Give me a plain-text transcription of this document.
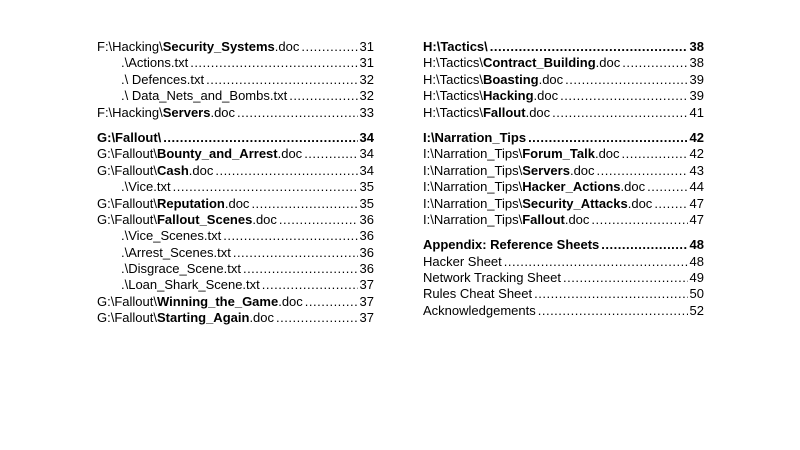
F:\Hacking\Security_Systems.doc .....	31
.\Actions.txt .....	31
.\ Defences.txt .....	32
.\ Data_Nets_and_Bombs.txt .....	32
F:\Hacking\Servers.doc .....	33
G:\Fallout\ .....	34
G:\Fallout\Bounty_and_Arrest.doc .....	34
G:\Fallout\Cash.doc .....	34
.\Vice.txt .....	35
G:\Fallout\Reputation.doc .....	35
G:\Fallout\Fallout_Scenes.doc .....	36
.\Vice_Scenes.txt .....	36
.\Arrest_Scenes.txt .....	36
.\Disgrace_Scene.txt .....	36
.\Loan_Shark_Scene.txt .....	37
G:\Fallout\Winning_the_Game.doc .....	37
G:\Fallout\Starting_Again.doc .....	37
H:\Tactics\ .....	38
H:\Tactics\Contract_Building.doc .....	38
H:\Tactics\Boasting.doc .....	39
H:\Tactics\Hacking.doc .....	39
H:\Tactics\Fallout.doc .....	41
I:\Narration_Tips .....	42
I:\Narration_Tips\Forum_Talk.doc .....	42
I:\Narration_Tips\Servers.doc .....	43
I:\Narration_Tips\Hacker_Actions.doc .....	44
I:\Narration_Tips\Security_Attacks.doc .....	47
I:\Narration_Tips\Fallout.doc .....	47
Appendix: Reference Sheets .....	48
Hacker Sheet .....	48
Network Tracking Sheet .....	49
Rules Cheat Sheet .....	50
Acknowledgements .....	52
